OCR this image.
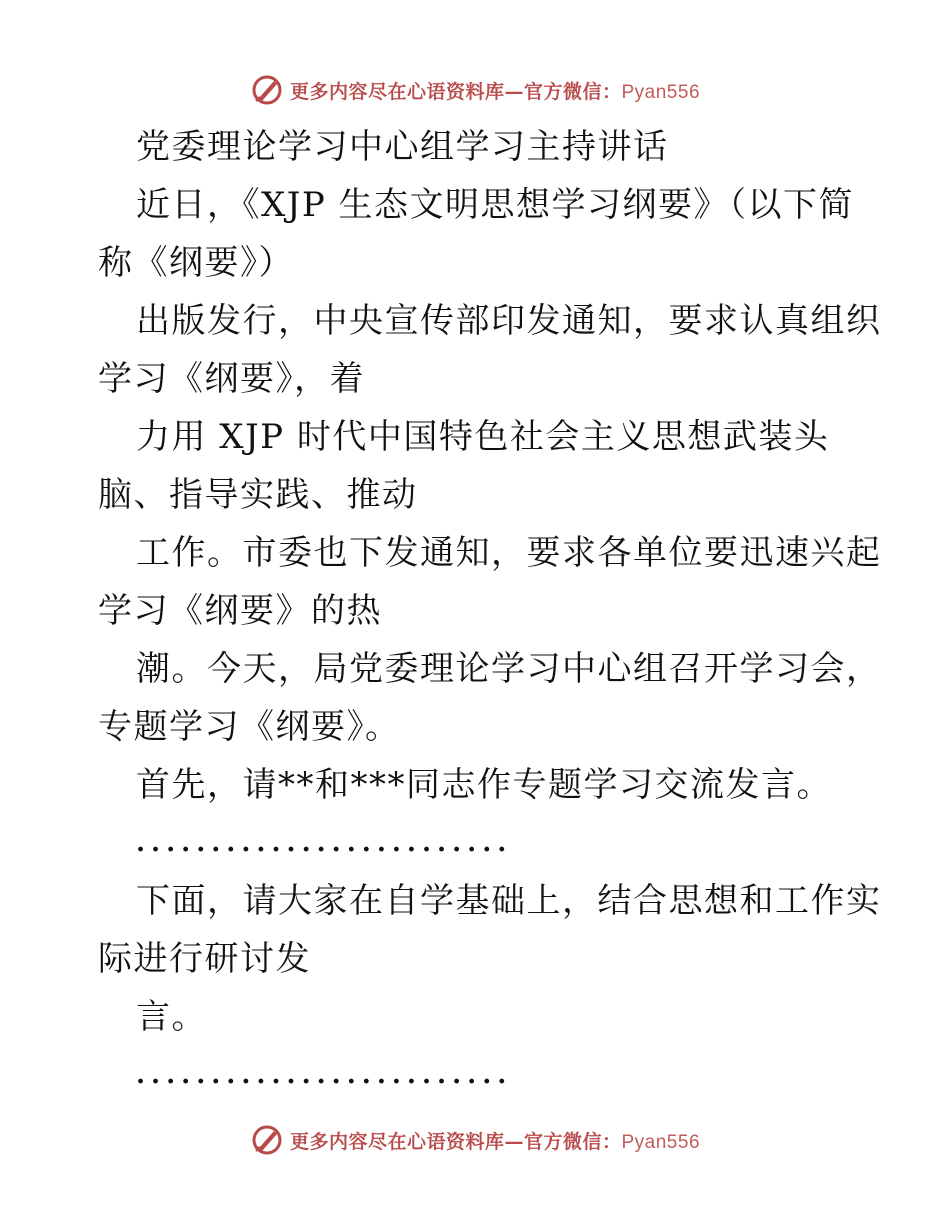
更多内容尽在心语资料库—官方微信：Pyan556
党委理论学习中心组学习主持讲话
近日，《XJP 生态文明思想学习纲要》（以下简
称《纲要》）
出版发行，中央宣传部印发通知，要求认真组织
学习《纲要》，着
力用 XJP 时代中国特色社会主义思想武装头
脑、指导实践、推动
工作。市委也下发通知，要求各单位要迅速兴起
学习《纲要》的热
潮。今天，局党委理论学习中心组召开学习会，
专题学习《纲要》。
首先，请**和***同志作专题学习交流发言。
.........................
下面，请大家在自学基础上，结合思想和工作实
际进行研讨发
言。
.........................
更多内容尽在心语资料库—官方微信：Pyan556
